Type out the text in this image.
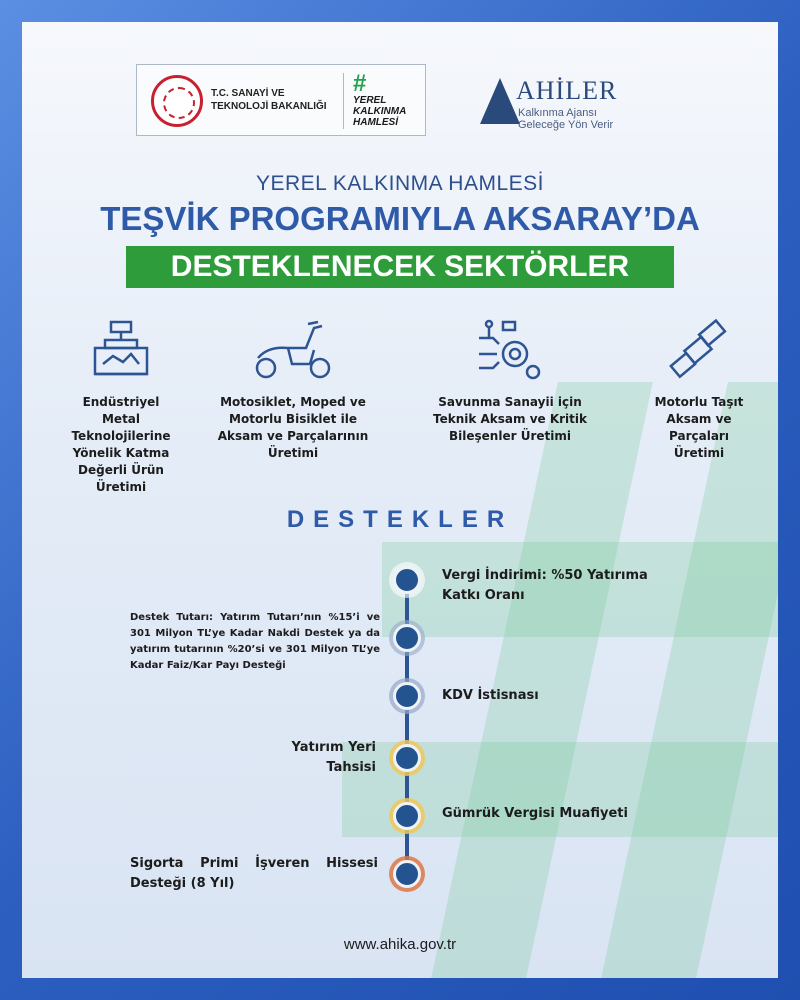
T.C. SANAYİ VE TEKNOLOJİ BAKANLIĞI
#
YEREL
KALKINMA
HAMLESİ
AHİLER
Kalkınma Ajansı
Geleceğe Yön Verir
YEREL KALKINMA HAMLESİ
TEŞVİK PROGRAMIYLA AKSARAY’DA
DESTEKLENECEK SEKTÖRLER
Endüstriyel Metal Teknolojilerine Yönelik Katma Değerli Ürün Üretimi
Motosiklet, Moped ve Motorlu Bisiklet ile Aksam ve Parçalarının Üretimi
Savunma Sanayii için Teknik Aksam ve Kritik Bileşenler Üretimi
Motorlu Taşıt Aksam ve Parçaları Üretimi
DESTEKLER
Vergi İndirimi: %50 Yatırıma Katkı Oranı
Destek Tutarı: Yatırım Tutarı’nın %15’i ve 301 Milyon TL’ye Kadar Nakdi Destek ya da yatırım tutarının %20’si ve 301 Milyon TL’ye Kadar Faiz/Kar Payı Desteği
KDV İstisnası
Yatırım Yeri Tahsisi
Gümrük Vergisi Muafiyeti
Sigorta Primi İşveren Hissesi Desteği (8 Yıl)
www.ahika.gov.tr
